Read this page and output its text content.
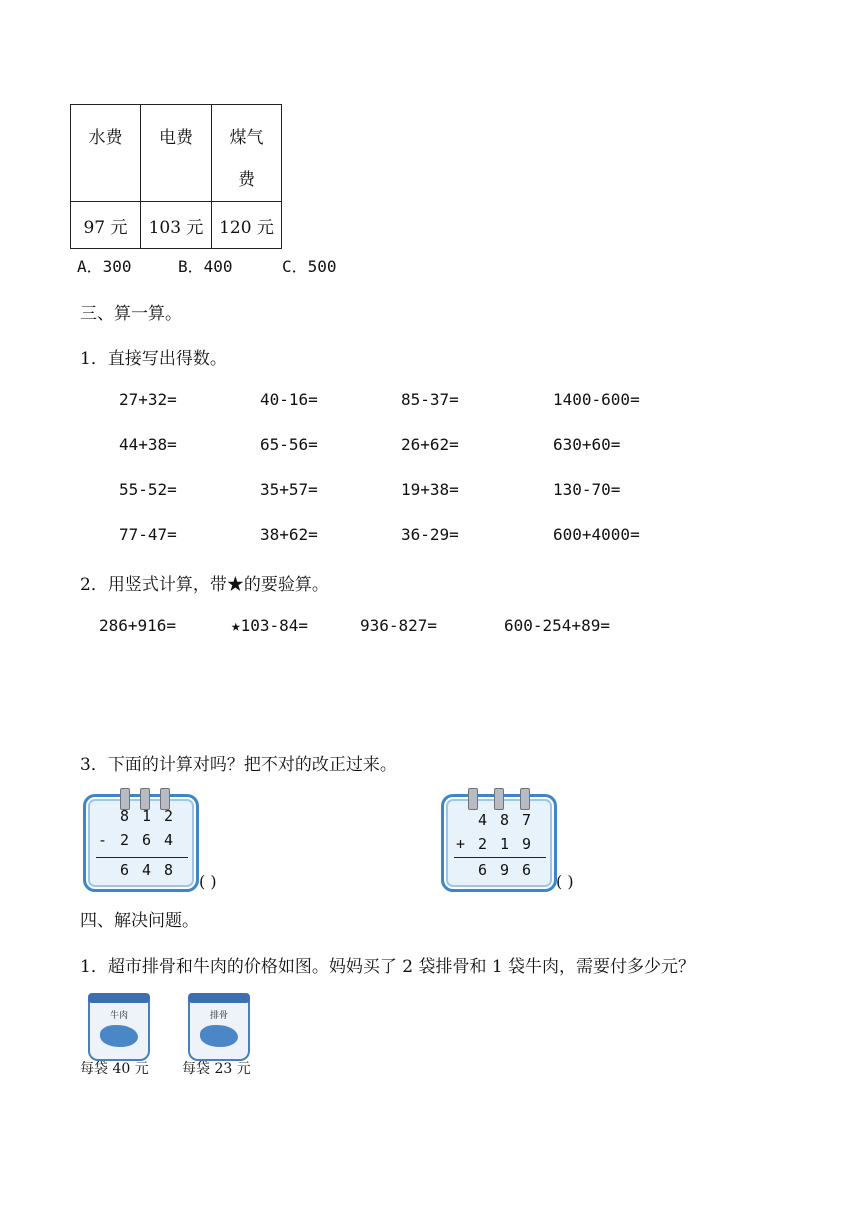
水费	电费	煤气
费

97 元	103 元	120 元
A．300	B．400	C．500
三、算一算。
1．直接写出得数。
27+32=	40-16=	85-37=	1400-600=
44+38=	65-56=	26+62=	630+60=
55-52=	35+57=	19+38=	130-70=
77-47=	38+62=	36-29=	600+4000=
2．用竖式计算，带★的要验算。
286+916=	★103-84=	936-827=	600-254+89=
3．下面的计算对吗？把不对的改正过来。
8 1 2
- 2 6 4
6 4 8
( )
4 8 7
+ 2 1 9
6 9 6
( )
四、解决问题。
1．超市排骨和牛肉的价格如图。妈妈买了 2 袋排骨和 1 袋牛肉，需要付多少元？
牛肉
每袋 40 元
排骨
每袋 23 元
